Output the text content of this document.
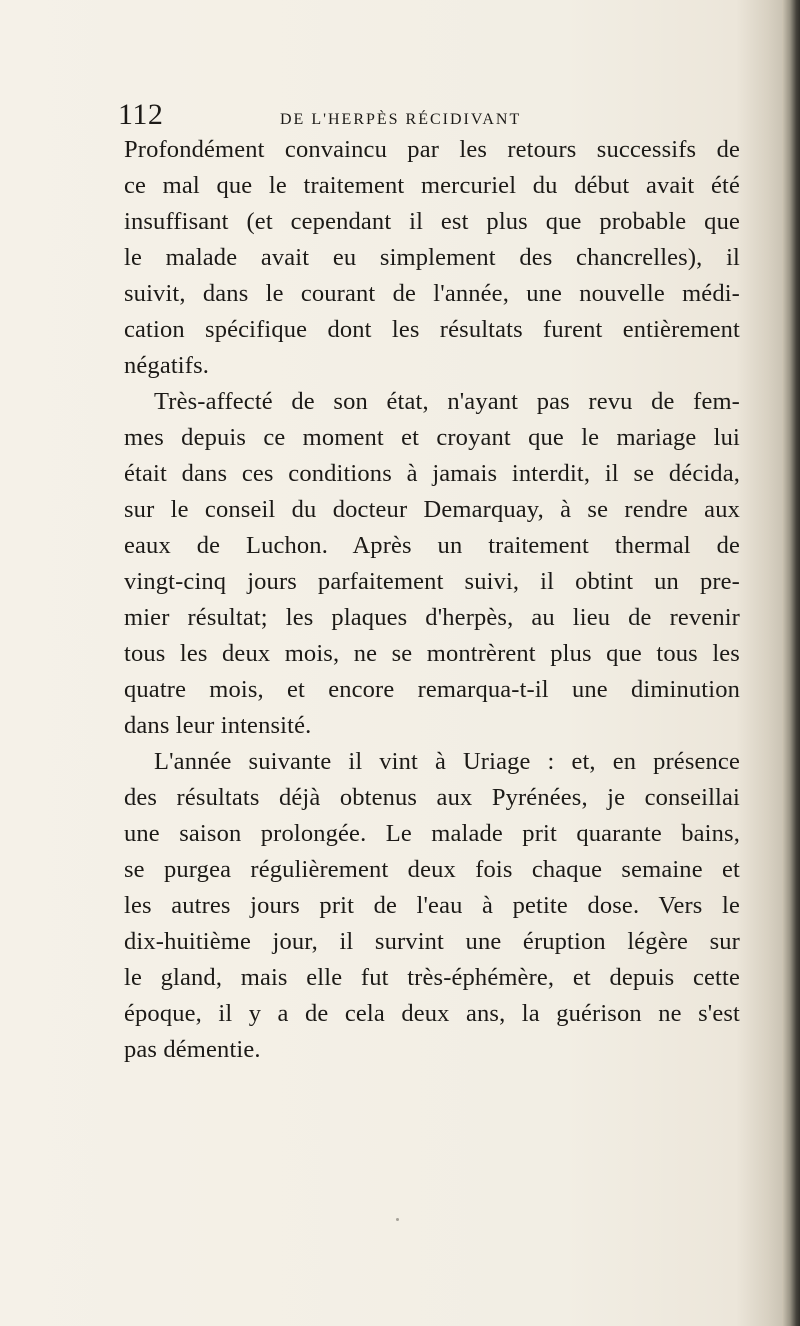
112	DE L'HERPÈS RÉCIDIVANT
Profondément convaincu par les retours successifs de
ce mal que le traitement mercuriel du début avait été
insuffisant (et cependant il est plus que probable que
le malade avait eu simplement des chancrelles), il
suivit, dans le courant de l'année, une nouvelle médi-
cation spécifique dont les résultats furent entièrement
négatifs.
Très-affecté de son état, n'ayant pas revu de fem-
mes depuis ce moment et croyant que le mariage lui
était dans ces conditions à jamais interdit, il se décida,
sur le conseil du docteur Demarquay, à se rendre aux
eaux de Luchon. Après un traitement thermal de
vingt-cinq jours parfaitement suivi, il obtint un pre-
mier résultat; les plaques d'herpès, au lieu de revenir
tous les deux mois, ne se montrèrent plus que tous les
quatre mois, et encore remarqua-t-il une diminution
dans leur intensité.
L'année suivante il vint à Uriage : et, en présence
des résultats déjà obtenus aux Pyrénées, je conseillai
une saison prolongée. Le malade prit quarante bains,
se purgea régulièrement deux fois chaque semaine et
les autres jours prit de l'eau à petite dose. Vers le
dix-huitième jour, il survint une éruption légère sur
le gland, mais elle fut très-éphémère, et depuis cette
époque, il y a de cela deux ans, la guérison ne s'est
pas démentie.
